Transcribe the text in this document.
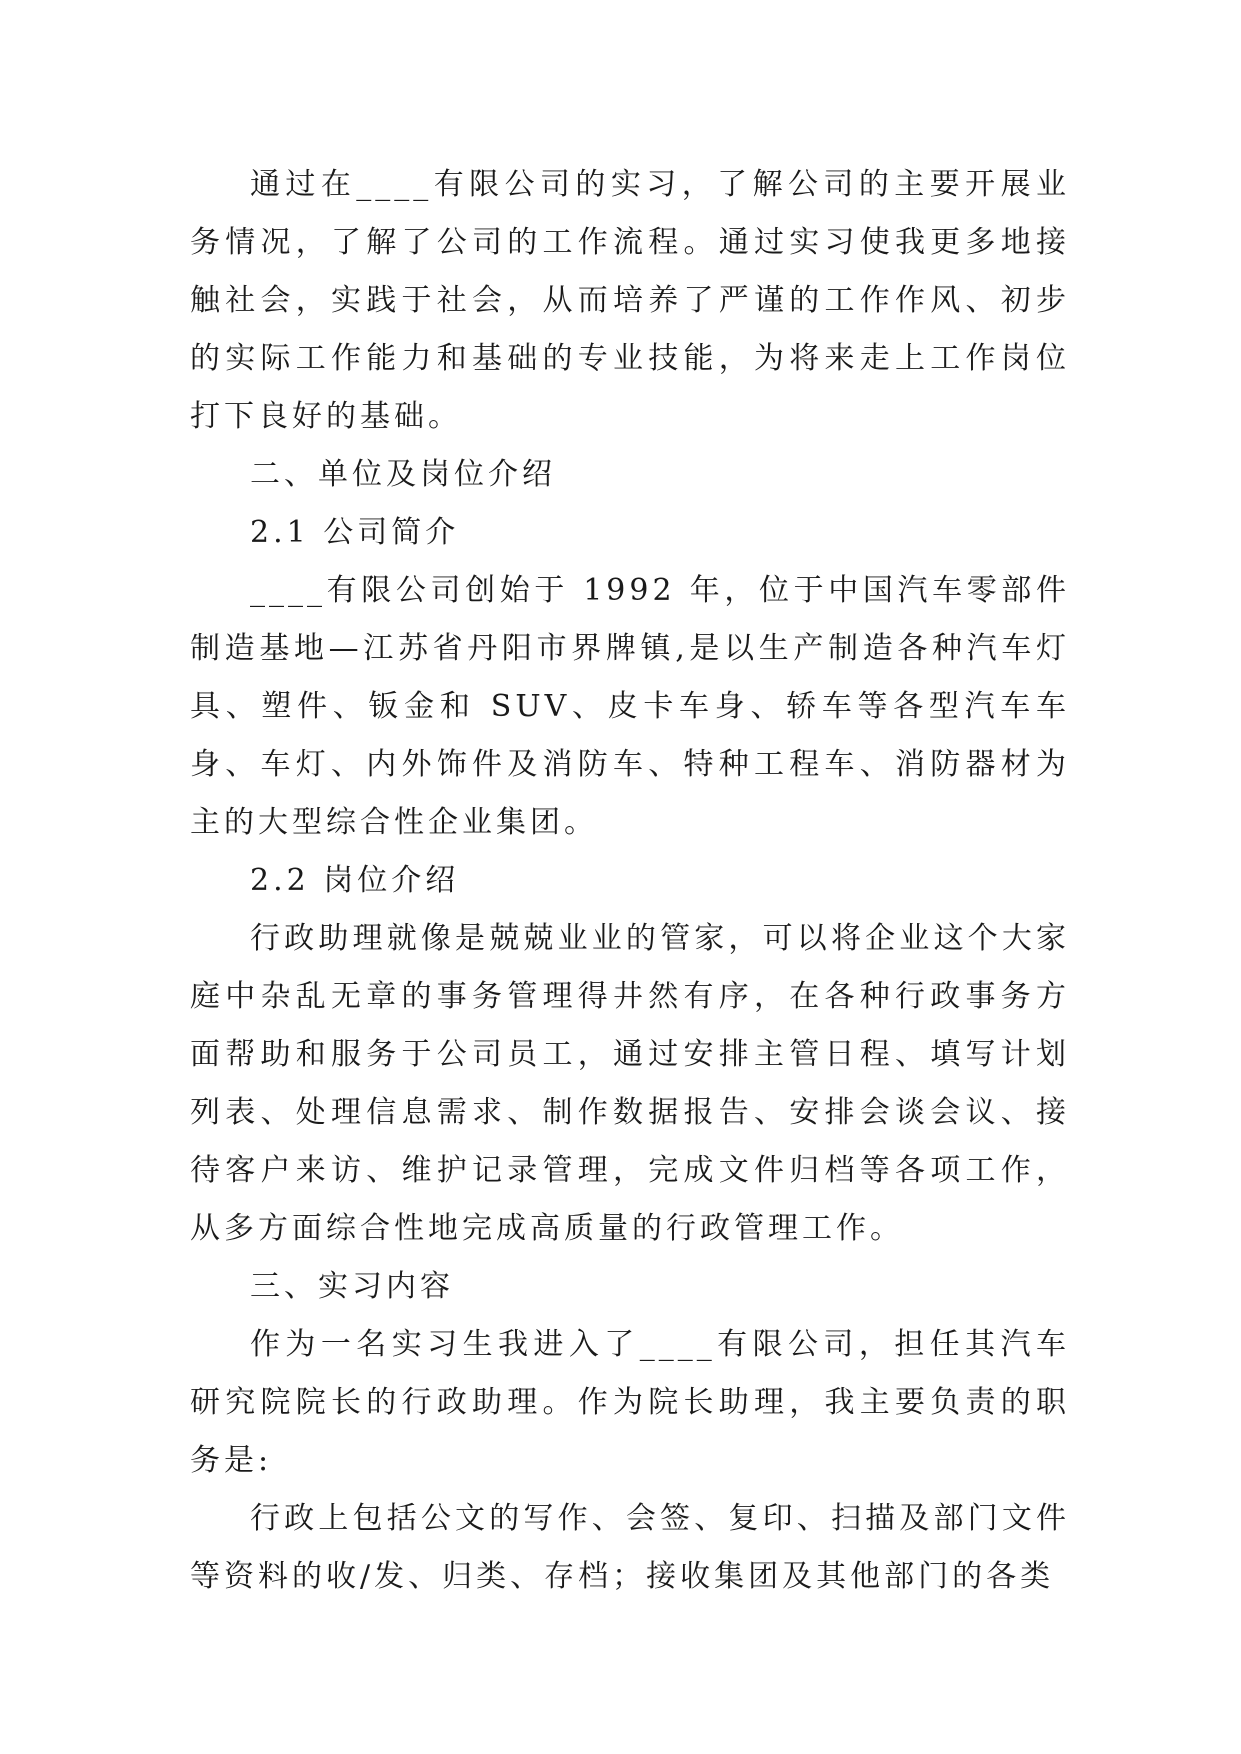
通过在____有限公司的实习，了解公司的主要开展业务情况，了解了公司的工作流程。通过实习使我更多地接触社会，实践于社会，从而培养了严谨的工作作风、初步的实际工作能力和基础的专业技能，为将来走上工作岗位打下良好的基础。

二、单位及岗位介绍

2.1 公司简介

____有限公司创始于 1992 年，位于中国汽车零部件制造基地—江苏省丹阳市界牌镇,是以生产制造各种汽车灯具、塑件、钣金和 SUV、皮卡车身、轿车等各型汽车车身、车灯、内外饰件及消防车、特种工程车、消防器材为主的大型综合性企业集团。

2.2 岗位介绍

行政助理就像是兢兢业业的管家，可以将企业这个大家庭中杂乱无章的事务管理得井然有序，在各种行政事务方面帮助和服务于公司员工，通过安排主管日程、填写计划列表、处理信息需求、制作数据报告、安排会谈会议、接待客户来访、维护记录管理，完成文件归档等各项工作，从多方面综合性地完成高质量的行政管理工作。

三、实习内容

作为一名实习生我进入了____有限公司，担任其汽车研究院院长的行政助理。作为院长助理，我主要负责的职务是:

行政上包括公文的写作、会签、复印、扫描及部门文件等资料的收/发、归类、存档；接收集团及其他部门的各类
